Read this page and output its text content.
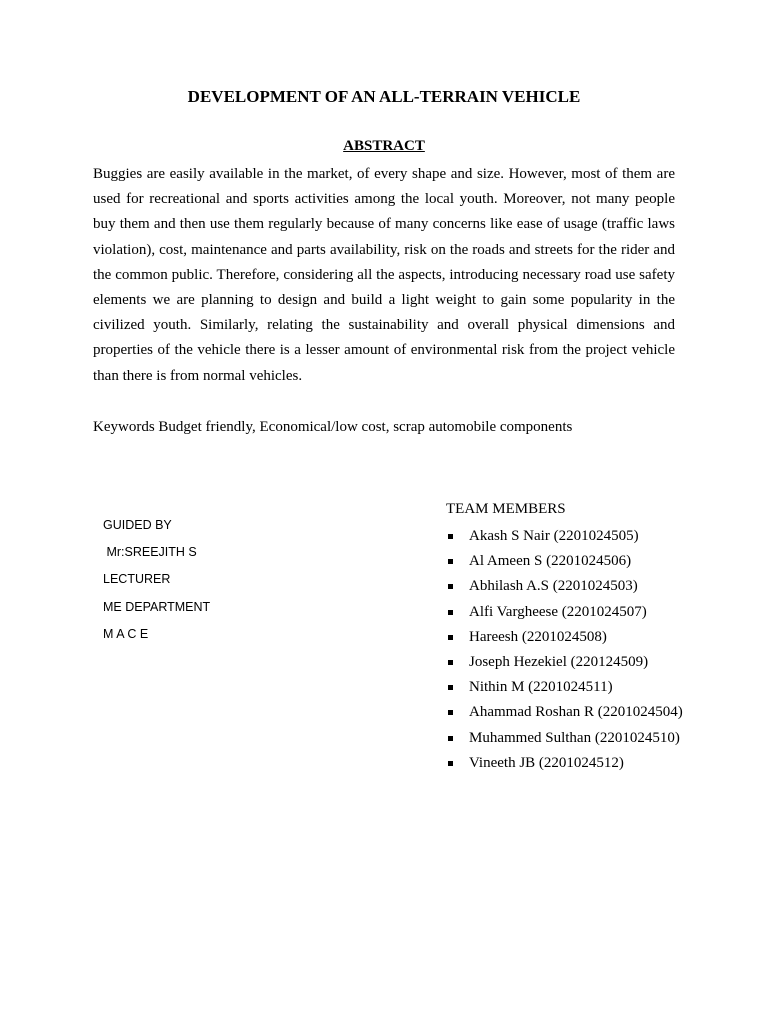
DEVELOPMENT OF AN ALL-TERRAIN VEHICLE
ABSTRACT

Buggies are easily available in the market, of every shape and size. However, most of them are used for recreational and sports activities among the local youth. Moreover, not many people buy them and then use them regularly because of many concerns like ease of usage (traffic laws violation), cost, maintenance and parts availability, risk on the roads and streets for the rider and the common public. Therefore, considering all the aspects, introducing necessary road use safety elements we are planning to design and build a light weight to gain some popularity in the civilized youth. Similarly, relating the sustainability and overall physical dimensions and properties of the vehicle there is a lesser amount of environmental risk from the project vehicle than there is from normal vehicles.

Keywords Budget friendly, Economical/low cost, scrap automobile components

GUIDED BY
Mr:SREEJITH S
LECTURER
ME DEPARTMENT
M A C E
TEAM MEMBERS
Akash S Nair (2201024505)
Al Ameen S (2201024506)
Abhilash A.S (2201024503)
Alfi Vargheese (2201024507)
Hareesh (2201024508)
Joseph Hezekiel (220124509)
Nithin M (2201024511)
Ahammad Roshan R (2201024504)
Muhammed Sulthan (2201024510)
Vineeth JB (2201024512)
